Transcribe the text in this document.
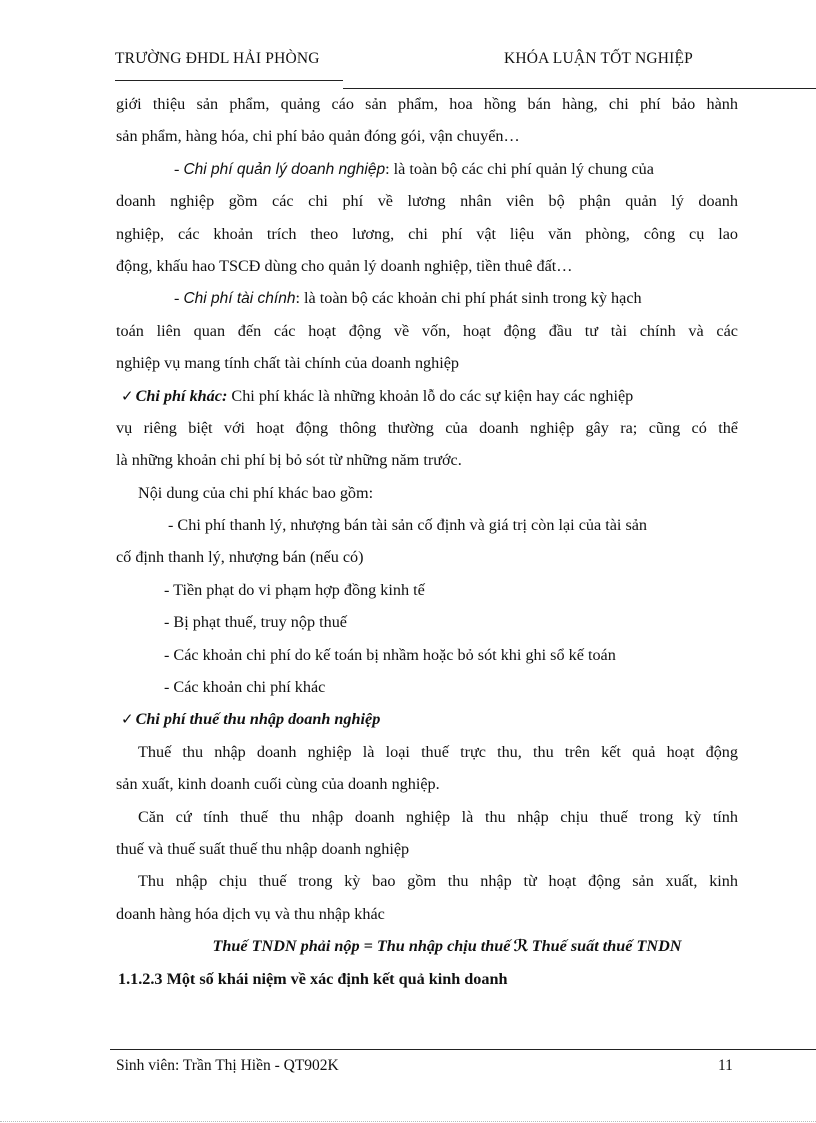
TRƯỜNG ĐHDL HẢI PHÒNG	KHÓA LUẬN TỐT NGHIỆP
giới thiệu sản phẩm, quảng cáo sản phẩm, hoa hồng bán hàng, chi phí bảo hành
sản phẩm, hàng hóa, chi phí bảo quản đóng gói, vận chuyển…
- Chi phí quản lý doanh nghiệp: là toàn bộ các chi phí quản lý chung của
doanh nghiệp gồm các chi phí về lương nhân viên bộ phận quản lý doanh
nghiệp, các khoản trích theo lương, chi phí vật liệu văn phòng, công cụ lao
động, khấu hao TSCĐ dùng cho quản lý doanh nghiệp, tiền thuê đất…
- Chi phí tài chính: là toàn bộ các khoản chi phí phát sinh trong kỳ hạch
toán liên quan đến các hoạt động về vốn, hoạt động đầu tư tài chính và các
nghiệp vụ mang tính chất tài chính của doanh nghiệp
✓ Chi phí khác: Chi phí khác là những khoản lỗ do các sự kiện hay các nghiệp
vụ riêng biệt với hoạt động thông thường của doanh nghiệp gây ra; cũng có thể
là những khoản chi phí bị bỏ sót từ những năm trước.
Nội dung của chi phí khác bao gồm:
- Chi phí thanh lý, nhượng bán tài sản cố định và giá trị còn lại của tài sản
cố định thanh lý, nhượng bán (nếu có)
- Tiền phạt do vi phạm hợp đồng kinh tế
- Bị phạt thuế, truy nộp thuế
- Các khoản chi phí do kế toán bị nhầm hoặc bỏ sót khi ghi sổ kế toán
- Các khoản chi phí khác
✓ Chi phí thuế thu nhập doanh nghiệp
Thuế thu nhập doanh nghiệp là loại thuế trực thu, thu trên kết quả hoạt động
sản xuất, kinh doanh cuối cùng của doanh nghiệp.
Căn cứ tính thuế thu nhập doanh nghiệp là thu nhập chịu thuế trong kỳ tính
thuế và thuế suất thuế thu nhập doanh nghiệp
Thu nhập chịu thuế trong kỳ bao gồm thu nhập từ hoạt động sản xuất, kinh
doanh hàng hóa dịch vụ và thu nhập khác
Thuế TNDN phải nộp = Thu nhập chịu thuế ℛ Thuế suất thuế TNDN
1.1.2.3 Một số khái niệm về xác định kết quả kinh doanh
Sinh viên: Trần Thị Hiền - QT902K	11
